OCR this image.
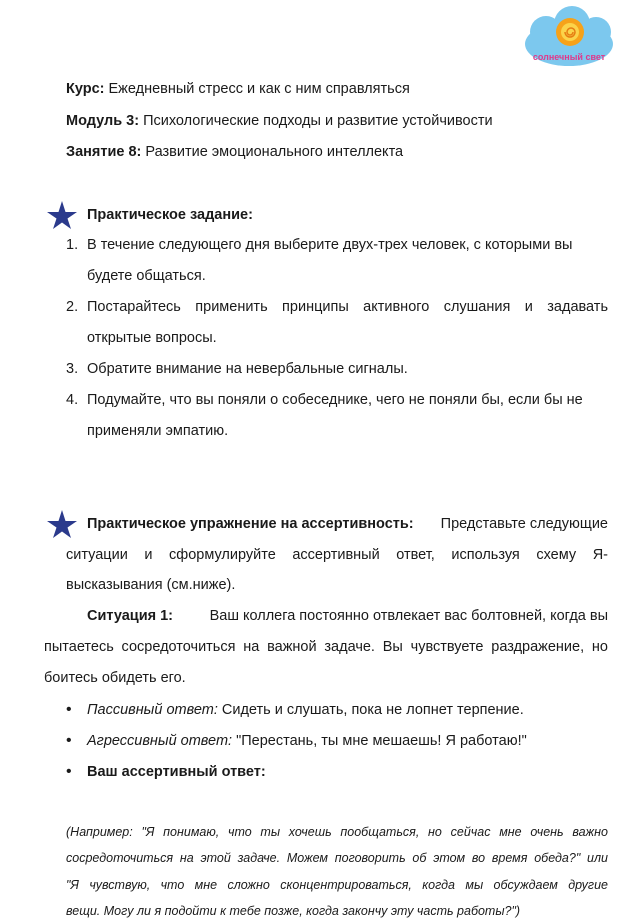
солнечный свет
Курс: Ежедневный стресс и как с ним справляться
Модуль 3: Психологические подходы и развитие устойчивости
Занятие 8: Развитие эмоционального интеллекта
Практическое задание:
1. В течение следующего дня выберите двух-трех человек, с которыми вы
будете общаться.
2. Постарайтесь применить принципы активного слушания и задавать
открытые вопросы.
3. Обратите внимание на невербальные сигналы.
4. Подумайте, что вы поняли о собеседнике, чего не поняли бы, если бы не
применяли эмпатию.
Практическое упражнение на ассертивность: Представьте следующие
ситуации и сформулируйте ассертивный ответ, используя схему Я-
высказывания (см.ниже).
Ситуация 1:	Ваш коллега постоянно отвлекает вас болтовней, когда вы
пытаетесь сосредоточиться на важной задаче. Вы чувствуете раздражение, но
боитесь обидеть его.
• Пассивный ответ: Сидеть и слушать, пока не лопнет терпение.
• Агрессивный ответ: "Перестань, ты мне мешаешь! Я работаю!"
• Ваш ассертивный ответ:
(Например: "Я понимаю, что ты хочешь пообщаться, но сейчас мне очень важно
сосредоточиться на этой задаче. Можем поговорить об этом во время обеда?" или
"Я чувствую, что мне сложно сконцентрироваться, когда мы обсуждаем другие
вещи. Могу ли я подойти к тебе позже, когда закончу эту часть работы?")
